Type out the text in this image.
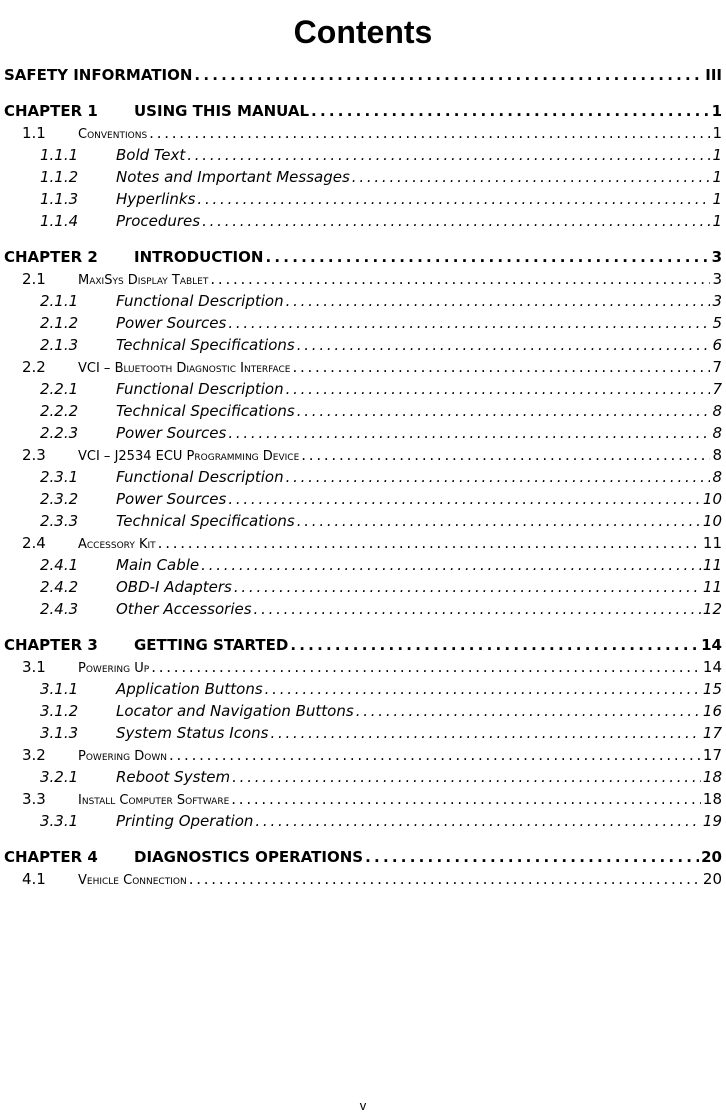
Contents
SAFETY INFORMATION . . .	III
CHAPTER 1	USING THIS MANUAL . . .	1
1.1	Conventions . . .	1
1.1.1	Bold Text . . .	1
1.1.2	Notes and Important Messages . . .	1
1.1.3	Hyperlinks . . .	1
1.1.4	Procedures . . .	1
CHAPTER 2	INTRODUCTION . . .	3
2.1	MaxiSys Display Tablet . . .	3
2.1.1	Functional Description . . .	3
2.1.2	Power Sources . . .	5
2.1.3	Technical Specifications . . .	6
2.2	VCI – Bluetooth Diagnostic Interface . . .	7
2.2.1	Functional Description . . .	7
2.2.2	Technical Specifications . . .	8
2.2.3	Power Sources . . .	8
2.3	VCI – J2534 ECU Programming Device . . .	8
2.3.1	Functional Description . . .	8
2.3.2	Power Sources . . .	10
2.3.3	Technical Specifications . . .	10
2.4	Accessory Kit . . .	11
2.4.1	Main Cable . . .	11
2.4.2	OBD-I Adapters . . .	11
2.4.3	Other Accessories . . .	12
CHAPTER 3	GETTING STARTED . . .	14
3.1	Powering Up . . .	14
3.1.1	Application Buttons . . .	15
3.1.2	Locator and Navigation Buttons . . .	16
3.1.3	System Status Icons . . .	17
3.2	Powering Down . . .	17
3.2.1	Reboot System . . .	18
3.3	Install Computer Software . . .	18
3.3.1	Printing Operation . . .	19
CHAPTER 4	DIAGNOSTICS OPERATIONS . . .	20
4.1	Vehicle Connection . . .	20
v
